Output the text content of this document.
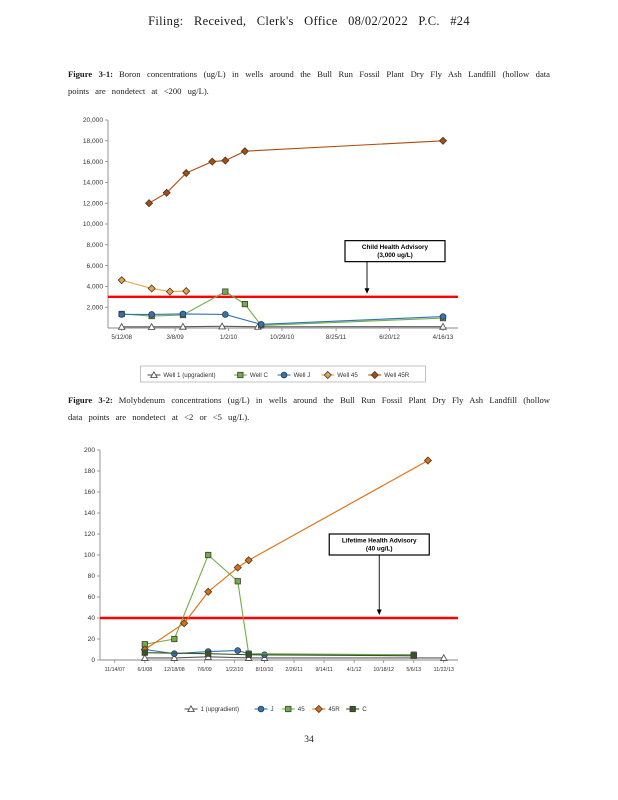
Filing: Received, Clerk's Office 08/02/2022 P.C. #24

Figure 3-1: Boron concentrations (ug/L) in wells around the Bull Run Fossil Plant Dry Fly Ash Landfill (hollow data points are nondetect at <200 ug/L).

2,000
4,000
6,000
8,000
10,000
12,000
14,000
16,000
18,000
20,000
5/12/08	3/8/09	1/2/10	10/29/10	8/25/11	6/20/12	4/16/13
Child Health Advisory
(3,000 ug/L)
Well 1 (upgradient)	Well C	Well J	Well 45	Well 45R

Figure 3-2: Molybdenum concentrations (ug/L) in wells around the Bull Run Fossil Plant Dry Fly Ash Landfill (hollow data points are nondetect at <2 or <5 ug/L).

0
20
40
60
80
100
120
140
160
180
200
11/14/07 6/1/08 12/18/08 7/6/09	1/22/10 8/10/10 2/26/11 9/14/11	4/1/12 10/18/12 5/6/13 11/22/13
Lifetime Health Advisory
(40 ug/L)
1 (upgradient)	J	45	45R	C
34
